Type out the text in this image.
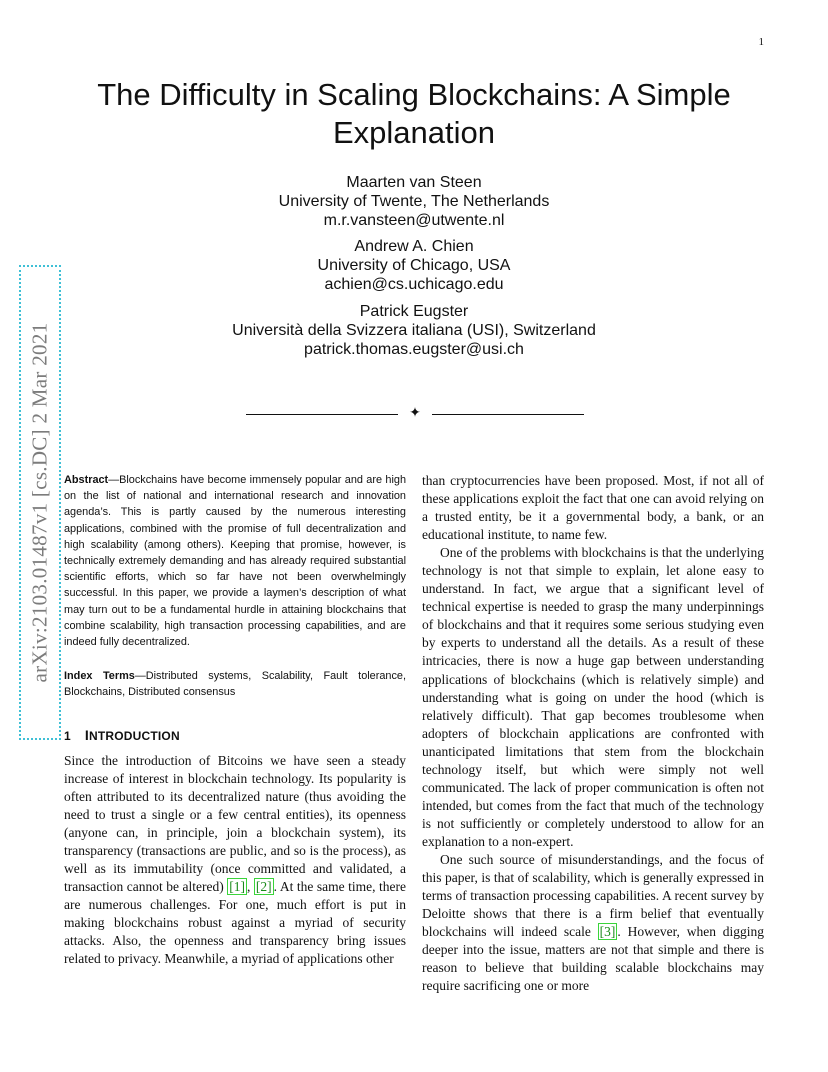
1
The Difficulty in Scaling Blockchains: A Simple Explanation
Maarten van Steen
University of Twente, The Netherlands
m.r.vansteen@utwente.nl
Andrew A. Chien
University of Chicago, USA
achien@cs.uchicago.edu
Patrick Eugster
Università della Svizzera italiana (USI), Switzerland
patrick.thomas.eugster@usi.ch
✦
arXiv:2103.01487v1 [cs.DC] 2 Mar 2021 Abstract—Blockchains have become immensely popular and are high on the list of national and international research and innovation agenda’s. This is partly caused by the numerous interesting applications, combined with the promise of full decentralization and high scalability (among others). Keeping that promise, however, is technically extremely demanding and has already required substantial scientific efforts, which so far have not been overwhelmingly successful. In this paper, we provide a laymen’s description of what may turn out to be a fundamental hurdle in attaining blockchains that combine scalability, high transaction processing capabilities, and are indeed fully decentralized.

Index Terms—Distributed systems, Scalability, Fault tolerance, Blockchains, Distributed consensus

1 INTRODUCTION

Since the introduction of Bitcoins we have seen a steady increase of interest in blockchain technology. Its popularity is often attributed to its decentralized nature (thus avoiding the need to trust a single or a few central entities), its openness (anyone can, in principle, join a blockchain system), its transparency (transactions are public, and so is the process), as well as its immutability (once committed and validated, a transaction cannot be altered) [1] , [2] . At the same time, there are numerous challenges. For one, much effort is put in making blockchains robust against a myriad of security attacks. Also, the openness and transparency bring issues related to privacy. Meanwhile, a myriad of applications other

than cryptocurrencies have been proposed. Most, if not all of these applications exploit the fact that one can avoid relying on a trusted entity, be it a governmental body, a bank, or an educational institute, to name few.

One of the problems with blockchains is that the underlying technology is not that simple to explain, let alone easy to understand. In fact, we argue that a significant level of technical expertise is needed to grasp the many underpinnings of blockchains and that it requires some serious studying even by experts to understand all the details. As a result of these intricacies, there is now a huge gap between understanding applications of blockchains (which is relatively simple) and understanding what is going on under the hood (which is relatively difficult). That gap becomes troublesome when adopters of blockchain applications are confronted with unanticipated limitations that stem from the blockchain technology itself, but which were simply not well communicated. The lack of proper communication is often not intended, but comes from the fact that much of the technology is not sufficiently or completely understood to allow for an explanation to a non-expert.

One such source of misunderstandings, and the focus of this paper, is that of scalability, which is generally expressed in terms of transaction processing capabilities. A recent survey by Deloitte shows that there is a firm belief that eventually blockchains will indeed scale [3] . However, when digging deeper into the issue, matters are not that simple and there is reason to believe that building scalable blockchains may require sacrificing one or more
